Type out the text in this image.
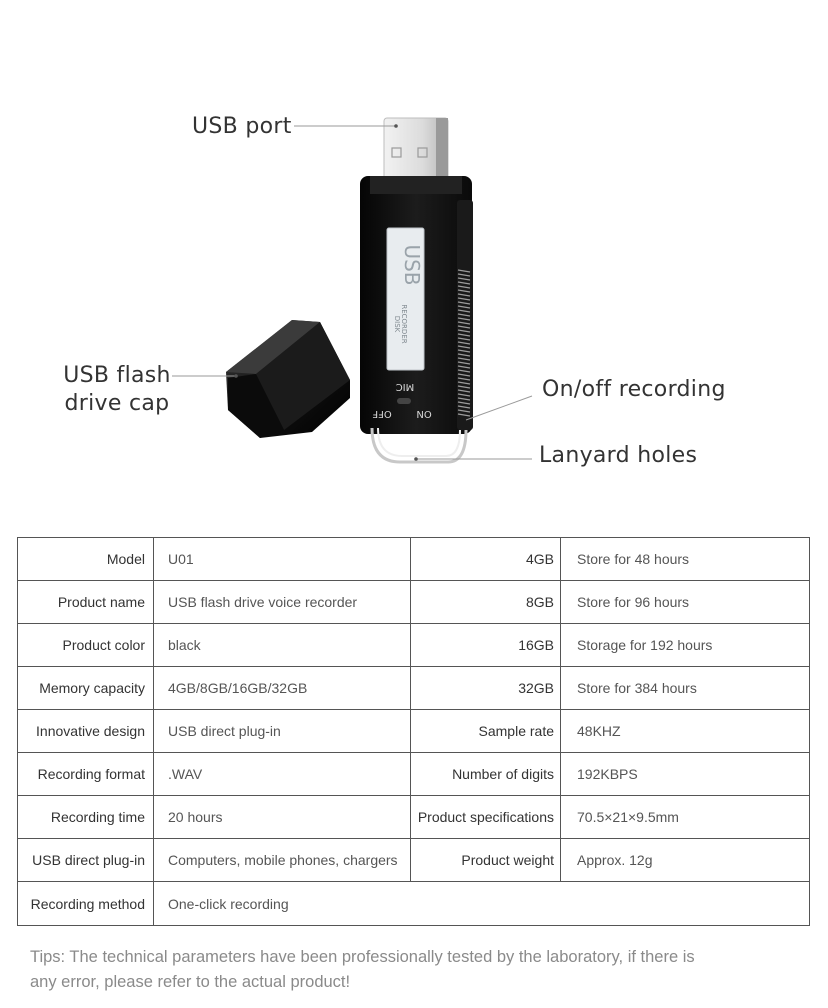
USB
DISK RECORDER
MIC
OFF ON
USB port
USB flash
drive cap
On/off recording
Lanyard holes
Model	U01	4GB	Store for 48 hours
Product name	USB flash drive voice recorder	8GB	Store for 96 hours
Product color	black	16GB	Storage for 192 hours
Memory capacity	4GB/8GB/16GB/32GB	32GB	Store for 384 hours
Innovative design	USB direct plug-in	Sample rate	48KHZ
Recording format	.WAV	Number of digits	192KBPS
Recording time	20 hours	Product specifications	70.5×21×9.5mm
USB direct plug-in	Computers, mobile phones, chargers	Product weight	Approx. 12g
Recording method	One-click recording		
Tips: The technical parameters have been professionally tested by the laboratory, if there is any error, please refer to the actual product!
